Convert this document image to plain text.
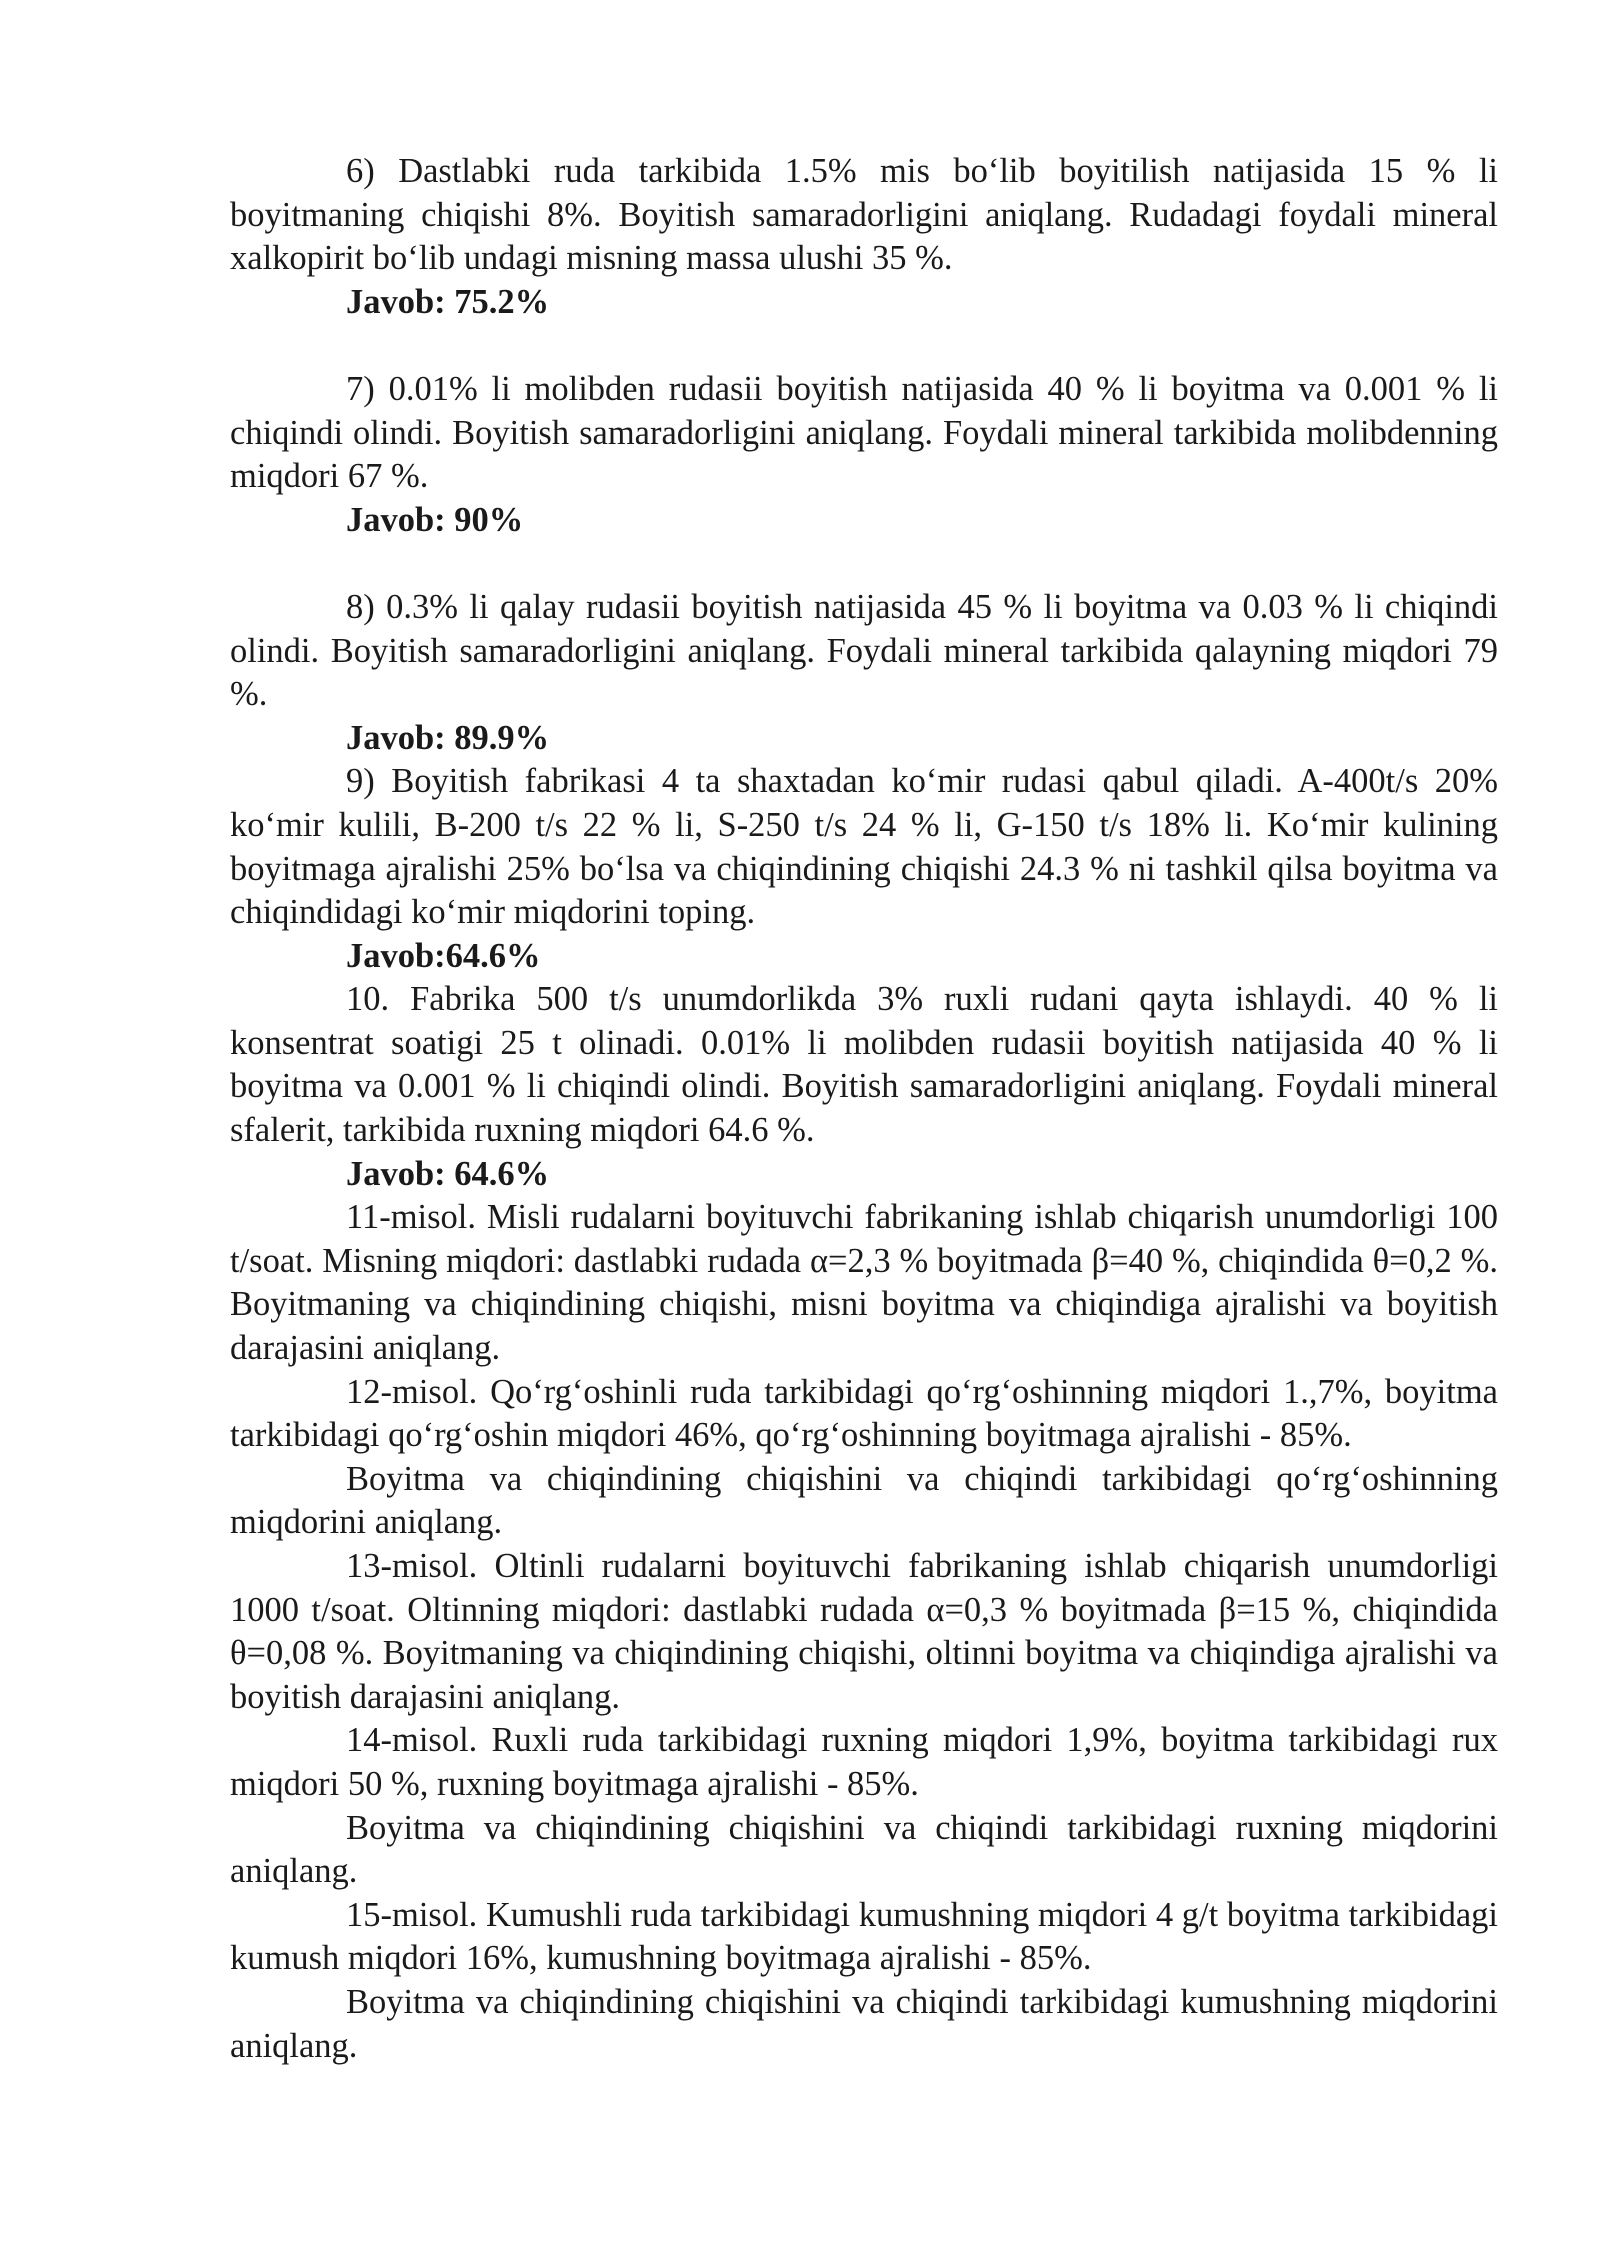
6) Dastlabki ruda tarkibida 1.5% mis bo‘lib boyitilish natijasida 15 % li boyitmaning chiqishi 8%. Boyitish samaradorligini aniqlang. Rudadagi foydali mineral xalkopirit bo‘lib undagi misning massa ulushi 35 %.

Javob: 75.2%

7) 0.01% li molibden rudasii boyitish natijasida 40 % li boyitma va 0.001 % li chiqindi olindi. Boyitish samaradorligini aniqlang. Foydali mineral tarkibida molibdenning miqdori 67 %.

Javob: 90%

8) 0.3% li qalay rudasii boyitish natijasida 45 % li boyitma va 0.03 % li chiqindi olindi. Boyitish samaradorligini aniqlang. Foydali mineral tarkibida qalayning miqdori 79 %.

Javob: 89.9%

9) Boyitish fabrikasi 4 ta shaxtadan ko‘mir rudasi qabul qiladi. A-400t/s 20% ko‘mir kulili, B-200 t/s 22 % li, S-250 t/s 24 % li, G-150 t/s 18% li. Ko‘mir kulining boyitmaga ajralishi 25% bo‘lsa va chiqindining chiqishi 24.3 % ni tashkil qilsa boyitma va chiqindidagi ko‘mir miqdorini toping.

Javob:64.6%

10. Fabrika 500 t/s unumdorlikda 3% ruxli rudani qayta ishlaydi. 40 % li konsentrat soatigi 25 t olinadi. 0.01% li molibden rudasii boyitish natijasida 40 % li boyitma va 0.001 % li chiqindi olindi. Boyitish samaradorligini aniqlang. Foydali mineral sfalerit, tarkibida ruxning miqdori 64.6 %.

Javob: 64.6%

11-misol. Misli rudalarni boyituvchi fabrikaning ishlab chiqarish unumdorligi 100 t/soat. Misning miqdori: dastlabki rudada α=2,3 % boyitmada β=40 %, chiqindida θ=0,2 %. Boyitmaning va chiqindining chiqishi, misni boyitma va chiqindiga ajralishi va boyitish darajasini aniqlang.

12-misol. Qo‘rg‘oshinli ruda tarkibidagi qo‘rg‘oshinning miqdori 1.,7%, boyitma tarkibidagi qo‘rg‘oshin miqdori 46%, qo‘rg‘oshinning boyitmaga ajralishi - 85%.

Boyitma va chiqindining chiqishini va chiqindi tarkibidagi qo‘rg‘oshinning miqdorini aniqlang.

13-misol. Oltinli rudalarni boyituvchi fabrikaning ishlab chiqarish unumdorligi 1000 t/soat. Oltinning miqdori: dastlabki rudada α=0,3 % boyitmada β=15 %, chiqindida θ=0,08 %. Boyitmaning va chiqindining chiqishi, oltinni boyitma va chiqindiga ajralishi va boyitish darajasini aniqlang.

14-misol. Ruxli ruda tarkibidagi ruxning miqdori 1,9%, boyitma tarkibidagi rux miqdori 50 %, ruxning boyitmaga ajralishi - 85%.

Boyitma va chiqindining chiqishini va chiqindi tarkibidagi ruxning miqdorini aniqlang.

15-misol. Kumushli ruda tarkibidagi kumushning miqdori 4 g/t boyitma tarkibidagi kumush miqdori 16%, kumushning boyitmaga ajralishi - 85%.

Boyitma va chiqindining chiqishini va chiqindi tarkibidagi kumushning miqdorini aniqlang.
